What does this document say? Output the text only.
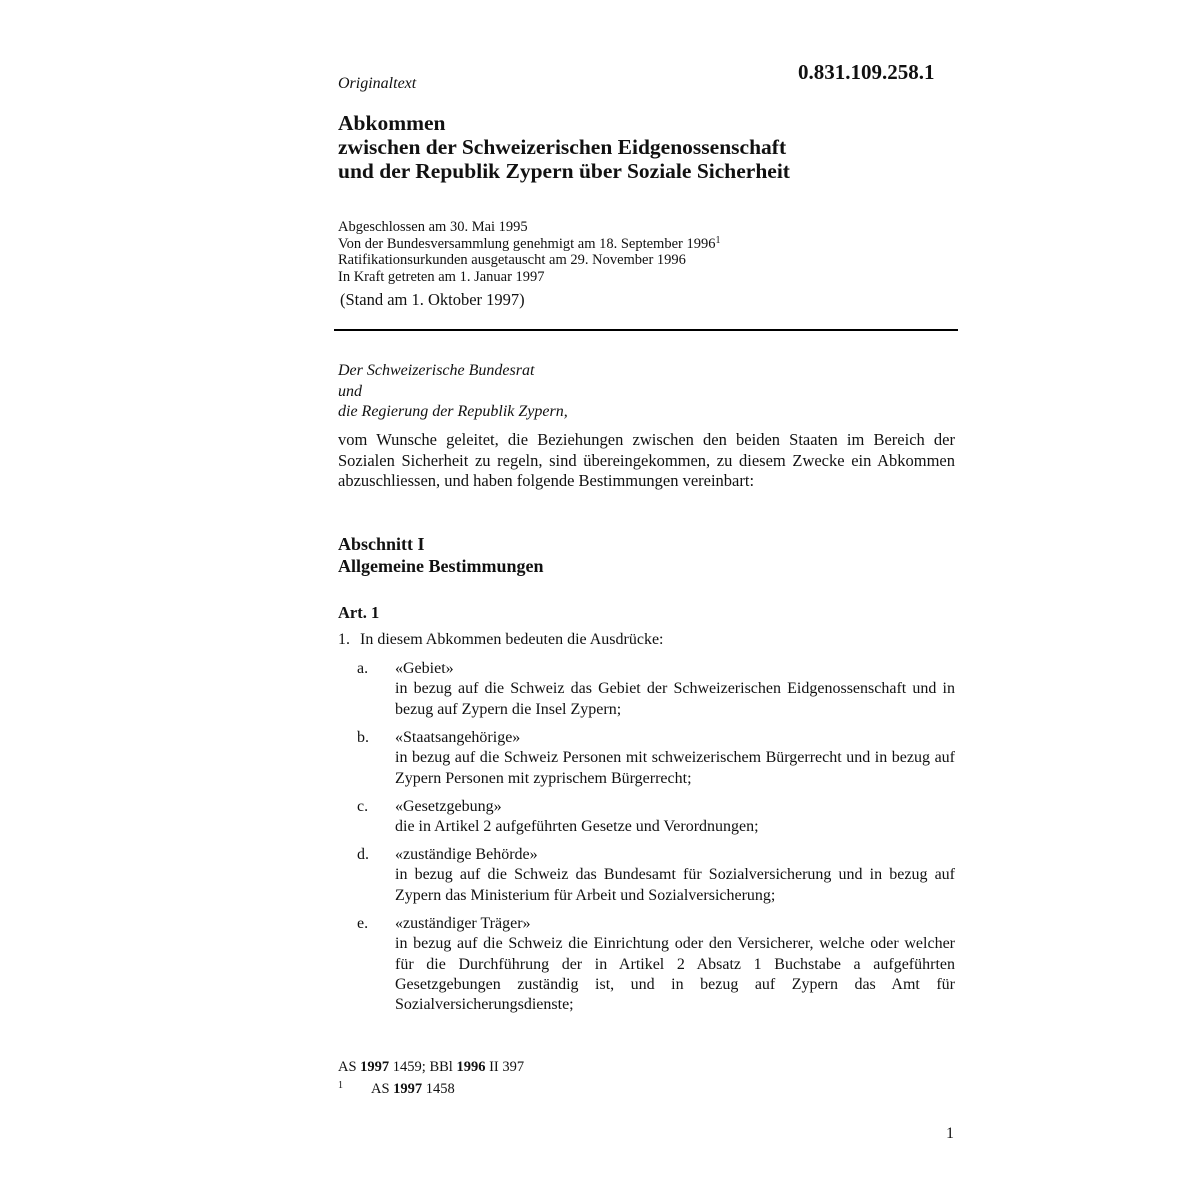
0.831.109.258.1
Originaltext
Abkommen
zwischen der Schweizerischen Eidgenossenschaft
und der Republik Zypern über Soziale Sicherheit
Abgeschlossen am 30. Mai 1995
Von der Bundesversammlung genehmigt am 18. September 1996$^1$
Ratifikationsurkunden ausgetauscht am 29. November 1996
In Kraft getreten am 1. Januar 1997
(Stand am 1. Oktober 1997)
Der Schweizerische Bundesrat
und
die Regierung der Republik Zypern,
vom Wunsche geleitet, die Beziehungen zwischen den beiden Staaten im Bereich der Sozialen Sicherheit zu regeln, sind übereingekommen, zu diesem Zwecke ein Abkommen abzuschliessen, und haben folgende Bestimmungen vereinbart:
Abschnitt I
Allgemeine Bestimmungen
Art. 1
1. In diesem Abkommen bedeuten die Ausdrücke:
a. «Gebiet»
in bezug auf die Schweiz das Gebiet der Schweizerischen Eidgenossenschaft und in bezug auf Zypern die Insel Zypern;
b. «Staatsangehörige»
in bezug auf die Schweiz Personen mit schweizerischem Bürgerrecht und in bezug auf Zypern Personen mit zyprischem Bürgerrecht;
c. «Gesetzgebung»
die in Artikel 2 aufgeführten Gesetze und Verordnungen;
d. «zuständige Behörde»
in bezug auf die Schweiz das Bundesamt für Sozialversicherung und in bezug auf Zypern das Ministerium für Arbeit und Sozialversicherung;
e. «zuständiger Träger»
in bezug auf die Schweiz die Einrichtung oder den Versicherer, welche oder welcher für die Durchführung der in Artikel 2 Absatz 1 Buchstabe a aufgeführten Gesetzgebungen zuständig ist, und in bezug auf Zypern das Amt für Sozialversicherungsdienste;
AS 1997 1459; BBl 1996 II 397
1 AS 1997 1458
1
